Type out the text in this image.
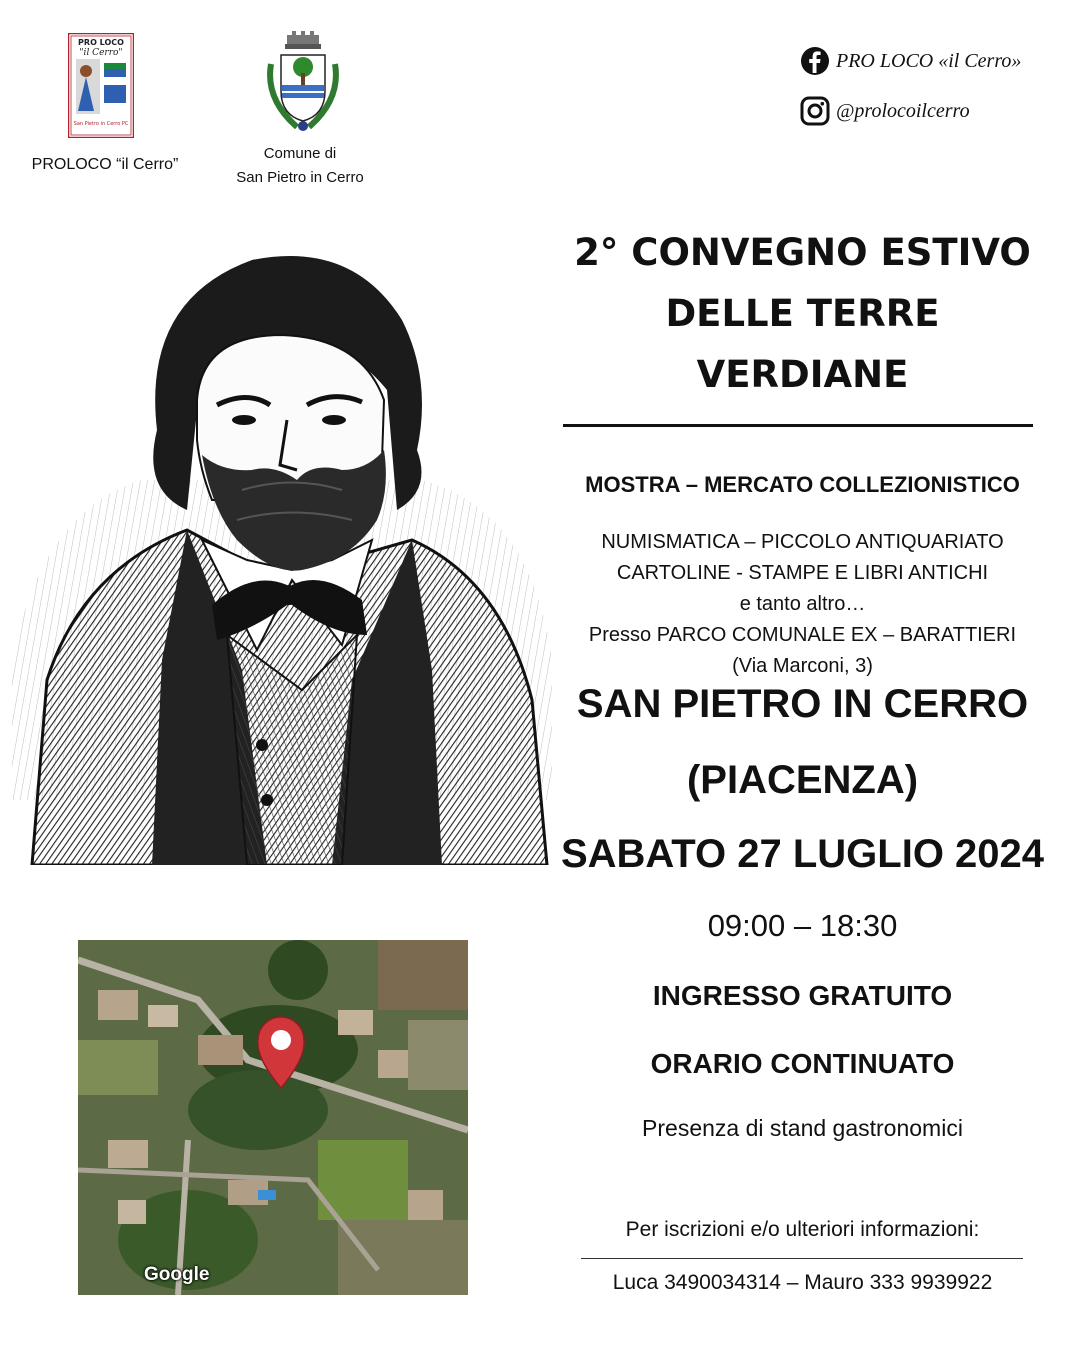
PRO LOCO
"il Cerro"
San Pietro in Cerro PC
PROLOCO “il Cerro”
Comune di
San Pietro in Cerro
PRO LOCO «il Cerro»
@prolocoilcerro
Google
2° CONVEGNO ESTIVO
DELLE TERRE
VERDIANE
MOSTRA – MERCATO COLLEZIONISTICO
NUMISMATICA – PICCOLO ANTIQUARIATO
CARTOLINE - STAMPE E LIBRI ANTICHI
e tanto altro…
Presso PARCO COMUNALE EX – BARATTIERI
(Via Marconi, 3)
SAN PIETRO IN CERRO
(PIACENZA)
SABATO 27 LUGLIO 2024
09:00 – 18:30
INGRESSO GRATUITO
ORARIO CONTINUATO
Presenza di stand gastronomici
Per iscrizioni e/o ulteriori informazioni:
Luca 3490034314 – Mauro 333 9939922
